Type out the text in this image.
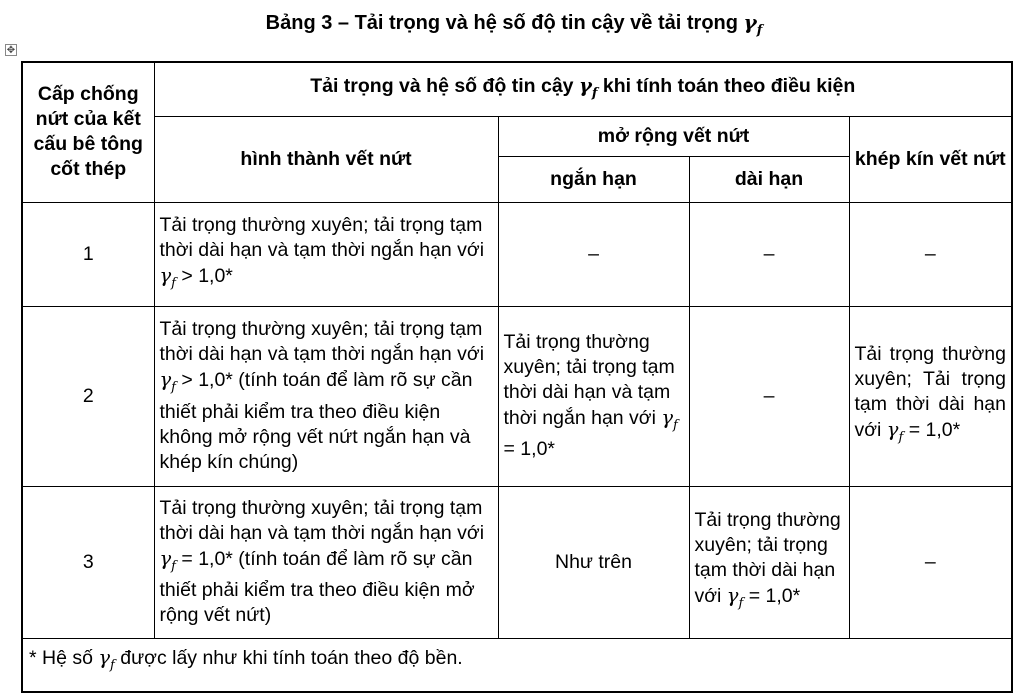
Bảng 3 – Tải trọng và hệ số độ tin cậy về tải trọng $\gamma_f$
✥
Cấp chống nứt của kết cấu bê tông cốt thép	Tải trọng và hệ số độ tin cậy $\gamma_f$ khi tính toán theo điều kiện			
	hình thành vết nứt	mở rộng vết nứt		khép kín vết nứt
		ngắn hạn	dài hạn	
1	Tải trọng thường xuyên; tải trọng tạm thời dài hạn và tạm thời ngắn hạn với $\gamma_f > 1,0*$	–	–	–
2	Tải trọng thường xuyên; tải trọng tạm thời dài hạn và tạm thời ngắn hạn với $\gamma_f > 1,0*$ (tính toán để làm rõ sự cần thiết phải kiểm tra theo điều kiện không mở rộng vết nứt ngắn hạn và khép kín chúng)	Tải trọng thường xuyên; tải trọng tạm thời dài hạn và tạm thời ngắn hạn với $\gamma_f = 1,0*$	–	Tải trọng thường xuyên; Tải trọng tạm thời dài hạn với $\gamma_f = 1,0*$
3	Tải trọng thường xuyên; tải trọng tạm thời dài hạn và tạm thời ngắn hạn với $\gamma_f = 1,0*$ (tính toán để làm rõ sự cần thiết phải kiểm tra theo điều kiện mở rộng vết nứt)	Như trên	Tải trọng thường xuyên; tải trọng tạm thời dài hạn với $\gamma_f = 1,0*$	–
* Hệ số $\gamma_f$ được lấy như khi tính toán theo độ bền.				
